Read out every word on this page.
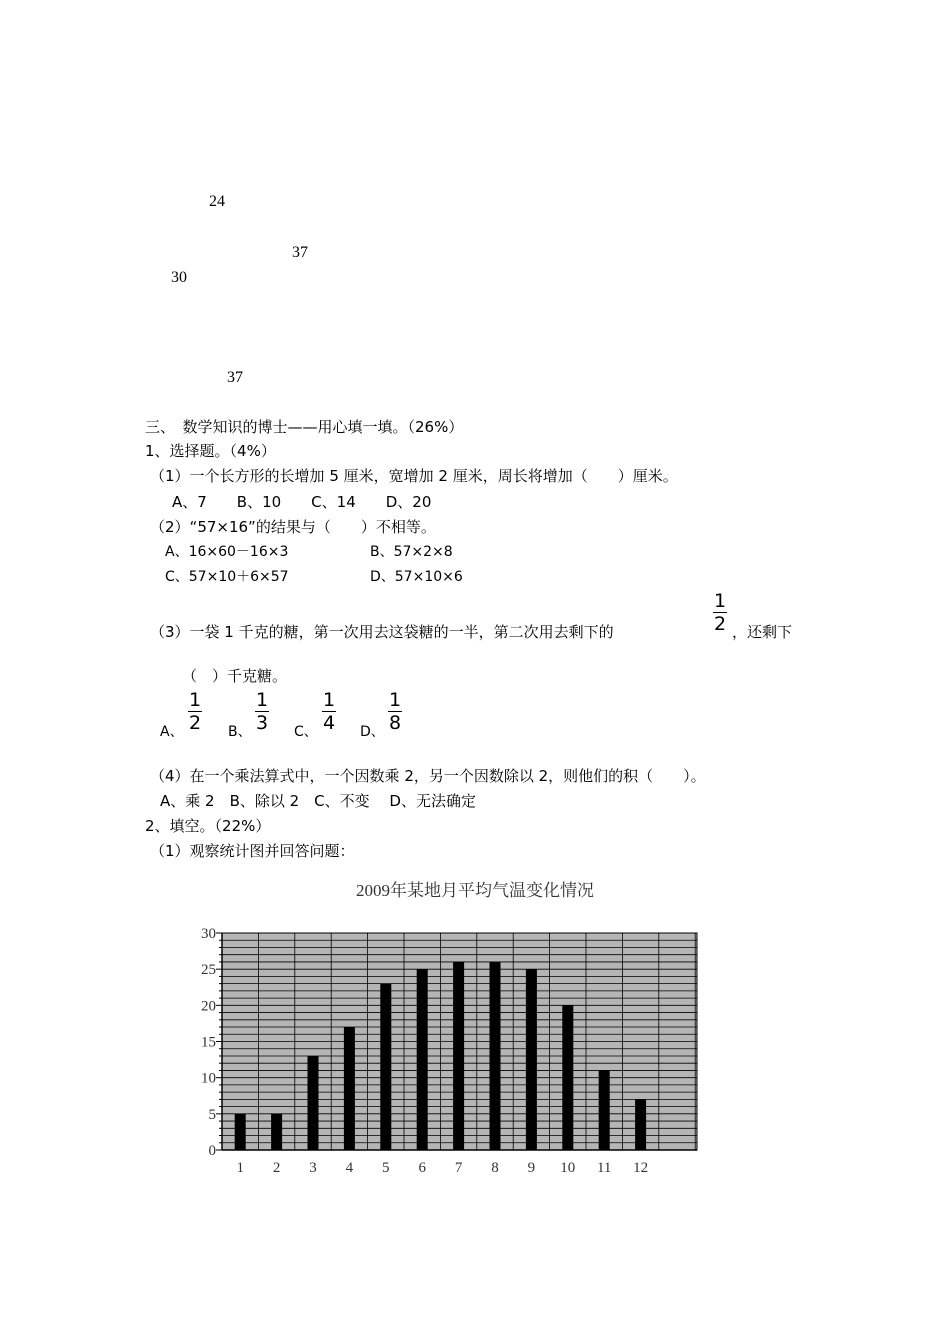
24
37
30
37
三、　数学知识的博士——用心填一填。（26%）
1、选择题。（4%）
（1）一个长方形的长增加 5 厘米，宽增加 2 厘米，周长将增加（　　）厘米。
A、7　　B、10　　C、14　　D、20
（2）“57×16”的结果与（　　）不相等。
A、16×60－16×3	B、57×2×8
C、57×10＋6×57	D、57×10×6
（3）一袋 1 千克的糖，第一次用去这袋糖的一半，第二次用去剩下的
1
2 ，还剩下
（　）千克糖。
A、
1
2 B、
1
3 C、
1
4 D、
1
8
（4）在一个乘法算式中，一个因数乘 2，另一个因数除以 2，则他们的积（　　）。
A、乘 2　B、除以 2　C、不变　 D、无法确定
2、填空。（22%）
（1）观察统计图并回答问题：
2009年某地月平均气温变化情况
0
5
10
15
20
25
30
1 2 3 4 5 6 7 8 9 10 11 12
